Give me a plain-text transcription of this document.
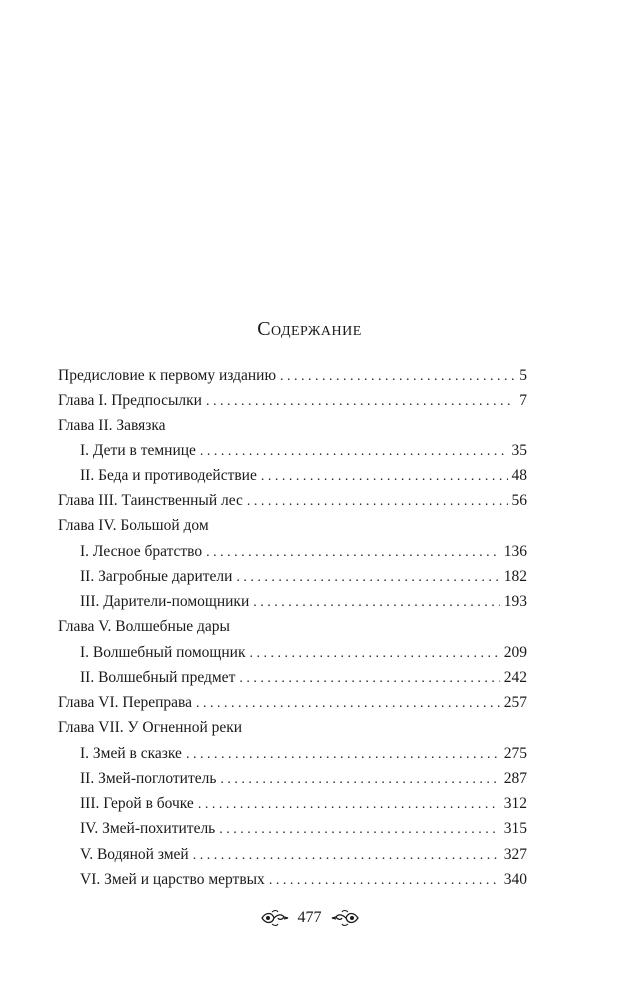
Содержание
Предисловие к первому изданию . . .	5
Глава I. Предпосылки . . .	7
Глава II. Завязка
I. Дети в темнице . . .	35
II. Беда и противодействие . . .	48
Глава III. Таинственный лес . . .	56
Глава IV. Большой дом
I. Лесное братство . . .	136
II. Загробные дарители . . .	182
III. Дарители-помощники . . .	193
Глава V. Волшебные дары
I. Волшебный помощник . . .	209
II. Волшебный предмет . . .	242
Глава VI. Переправа . . .	257
Глава VII. У Огненной реки
I. Змей в сказке . . .	275
II. Змей-поглотитель . . .	287
III. Герой в бочке . . .	312
IV. Змей-похититель . . .	315
V. Водяной змей . . .	327
VI. Змей и царство мертвых . . .	340
477
